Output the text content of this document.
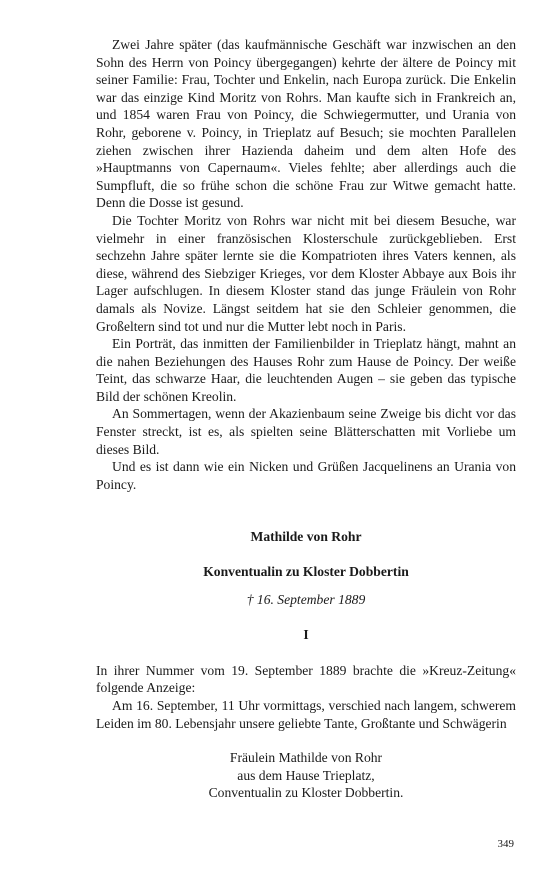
Zwei Jahre später (das kaufmännische Geschäft war inzwischen an den Sohn des Herrn von Poincy übergegangen) kehrte der ältere de Poincy mit seiner Familie: Frau, Tochter und Enkelin, nach Europa zurück. Die Enkelin war das einzige Kind Moritz von Rohrs. Man kaufte sich in Frankreich an, und 1854 waren Frau von Poincy, die Schwiegermutter, und Urania von Rohr, geborene v. Poincy, in Trieplatz auf Besuch; sie mochten Parallelen ziehen zwischen ihrer Hazienda daheim und dem alten Hofe des »Hauptmanns von Capernaum«. Vieles fehlte; aber allerdings auch die Sumpfluft, die so frühe schon die schöne Frau zur Witwe gemacht hatte. Denn die Dosse ist gesund.

Die Tochter Moritz von Rohrs war nicht mit bei diesem Besuche, war vielmehr in einer französischen Klosterschule zurückgeblieben. Erst sechzehn Jahre später lernte sie die Kompatrioten ihres Vaters kennen, als diese, während des Siebziger Krieges, vor dem Kloster Abbaye aux Bois ihr Lager aufschlugen. In diesem Kloster stand das junge Fräulein von Rohr damals als Novize. Längst seitdem hat sie den Schleier genommen, die Großeltern sind tot und nur die Mutter lebt noch in Paris.

Ein Porträt, das inmitten der Familienbilder in Trieplatz hängt, mahnt an die nahen Beziehungen des Hauses Rohr zum Hause de Poincy. Der weiße Teint, das schwarze Haar, die leuchtenden Augen – sie geben das typische Bild der schönen Kreolin.

An Sommertagen, wenn der Akazienbaum seine Zweige bis dicht vor das Fenster streckt, ist es, als spielten seine Blätterschatten mit Vorliebe um dieses Bild.

Und es ist dann wie ein Nicken und Grüßen Jacquelinens an Urania von Poincy.

Mathilde von Rohr

Konventualin zu Kloster Dobbertin

† 16. September 1889

I

In ihrer Nummer vom 19. September 1889 brachte die »Kreuz-Zeitung« folgende Anzeige:

Am 16. September, 11 Uhr vormittags, verschied nach langem, schwerem Leiden im 80. Lebensjahr unsere geliebte Tante, Großtante und Schwägerin

Fräulein Mathilde von Rohr
aus dem Hause Trieplatz,
Conventualin zu Kloster Dobbertin.
349
